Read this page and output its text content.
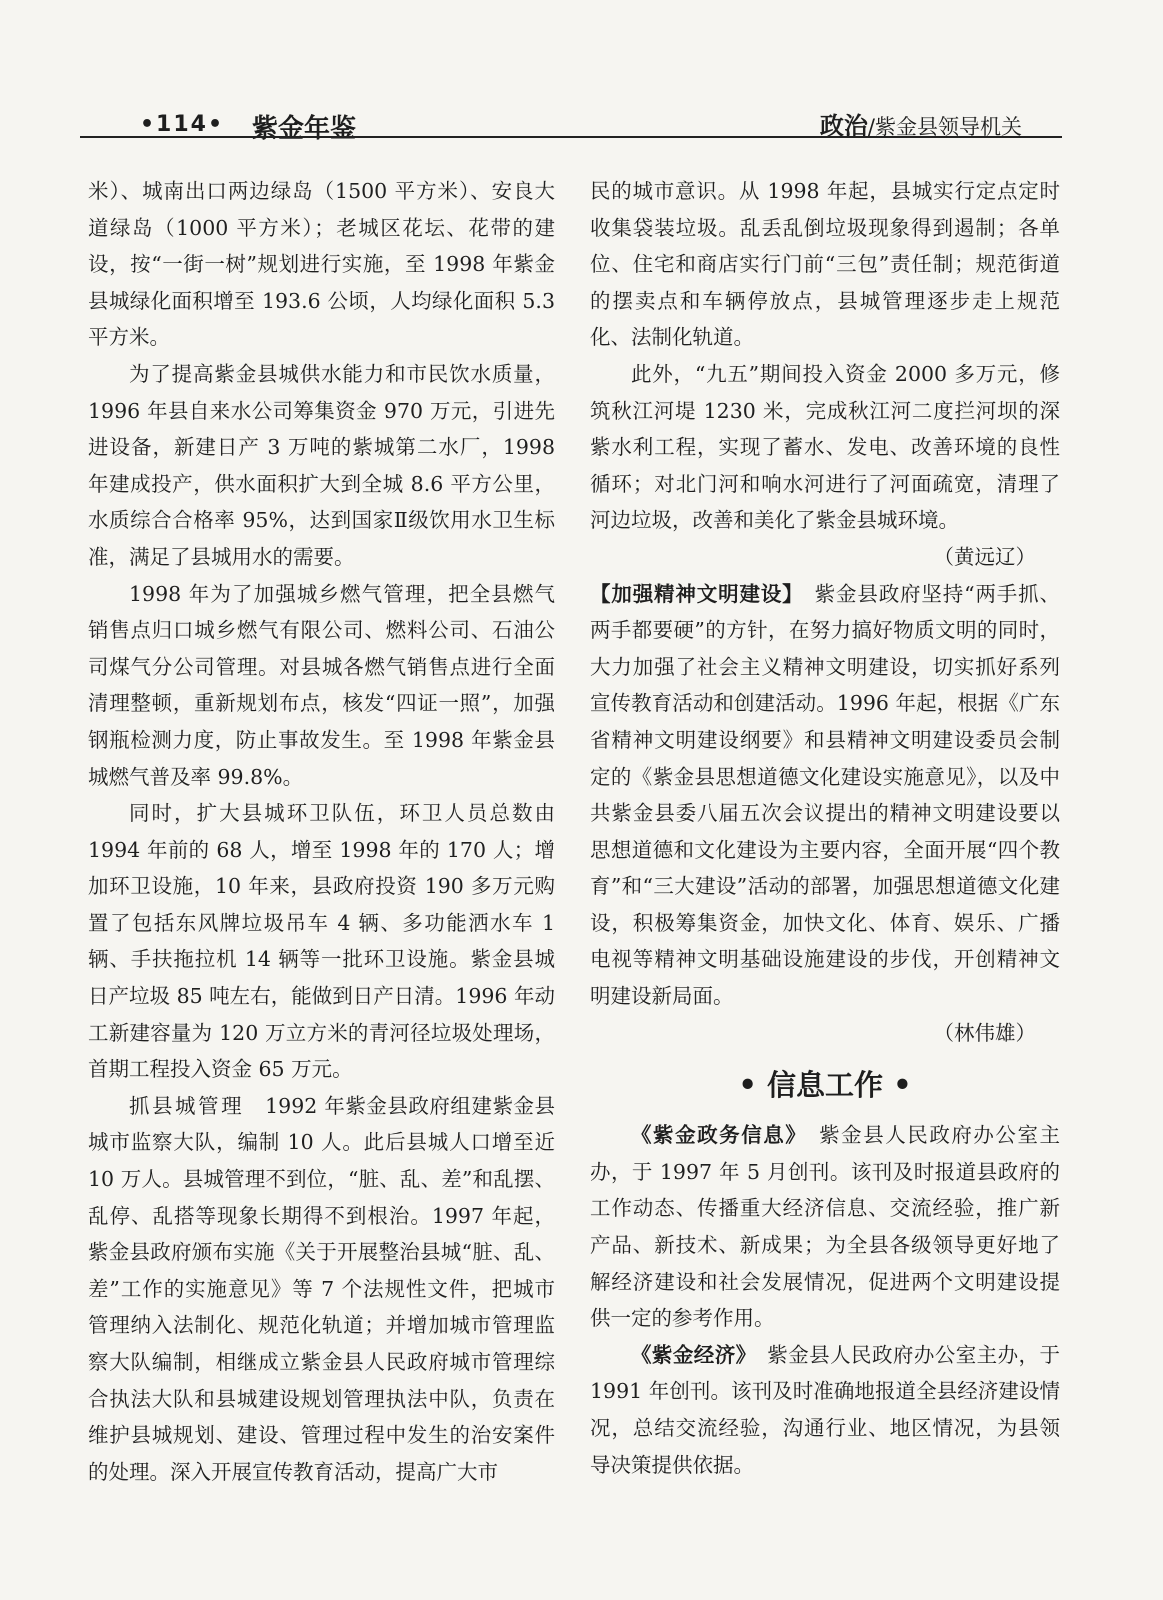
•114• 紫金年鉴	政治/紫金县领导机关

米）、城南出口两边绿岛（1500 平方米）、安良大道绿岛（1000 平方米）；老城区花坛、花带的建设，按“一街一树”规划进行实施，至 1998 年紫金县城绿化面积增至 193.6 公顷，人均绿化面积 5.3 平方米。

为了提高紫金县城供水能力和市民饮水质量，1996 年县自来水公司筹集资金 970 万元，引进先进设备，新建日产 3 万吨的紫城第二水厂，1998 年建成投产，供水面积扩大到全城 8.6 平方公里，水质综合合格率 95%，达到国家Ⅱ级饮用水卫生标准，满足了县城用水的需要。

1998 年为了加强城乡燃气管理，把全县燃气销售点归口城乡燃气有限公司、燃料公司、石油公司煤气分公司管理。对县城各燃气销售点进行全面清理整顿，重新规划布点，核发“四证一照”，加强钢瓶检测力度，防止事故发生。至 1998 年紫金县城燃气普及率 99.8%。

同时，扩大县城环卫队伍，环卫人员总数由 1994 年前的 68 人，增至 1998 年的 170 人；增加环卫设施，10 年来，县政府投资 190 多万元购置了包括东风牌垃圾吊车 4 辆、多功能洒水车 1 辆、手扶拖拉机 14 辆等一批环卫设施。紫金县城日产垃圾 85 吨左右，能做到日产日清。1996 年动工新建容量为 120 万立方米的青河径垃圾处理场，首期工程投入资金 65 万元。

抓县城管理　1992 年紫金县政府组建紫金县城市监察大队，编制 10 人。此后县城人口增至近 10 万人。县城管理不到位，“脏、乱、差”和乱摆、乱停、乱搭等现象长期得不到根治。1997 年起，紫金县政府颁布实施《关于开展整治县城“脏、乱、差”工作的实施意见》等 7 个法规性文件，把城市管理纳入法制化、规范化轨道；并增加城市管理监察大队编制，相继成立紫金县人民政府城市管理综合执法大队和县城建设规划管理执法中队，负责在维护县城规划、建设、管理过程中发生的治安案件的处理。深入开展宣传教育活动，提高广大市

民的城市意识。从 1998 年起，县城实行定点定时收集袋装垃圾。乱丢乱倒垃圾现象得到遏制；各单位、住宅和商店实行门前“三包”责任制；规范街道的摆卖点和车辆停放点，县城管理逐步走上规范化、法制化轨道。

此外，“九五”期间投入资金 2000 多万元，修筑秋江河堤 1230 米，完成秋江河二度拦河坝的深紫水利工程，实现了蓄水、发电、改善环境的良性循环；对北门河和响水河进行了河面疏宽，清理了河边垃圾，改善和美化了紫金县城环境。

（黄远辽）

【加强精神文明建设】　紫金县政府坚持“两手抓、两手都要硬”的方针，在努力搞好物质文明的同时，大力加强了社会主义精神文明建设，切实抓好系列宣传教育活动和创建活动。1996 年起，根据《广东省精神文明建设纲要》和县精神文明建设委员会制定的《紫金县思想道德文化建设实施意见》，以及中共紫金县委八届五次会议提出的精神文明建设要以思想道德和文化建设为主要内容，全面开展“四个教育”和“三大建设”活动的部署，加强思想道德文化建设，积极筹集资金，加快文化、体育、娱乐、广播电视等精神文明基础设施建设的步伐，开创精神文明建设新局面。

（林伟雄）

• 信息工作 •

《紫金政务信息》　紫金县人民政府办公室主办，于 1997 年 5 月创刊。该刊及时报道县政府的工作动态、传播重大经济信息、交流经验，推广新产品、新技术、新成果；为全县各级领导更好地了解经济建设和社会发展情况，促进两个文明建设提供一定的参考作用。

《紫金经济》　紫金县人民政府办公室主办，于 1991 年创刊。该刊及时准确地报道全县经济建设情况，总结交流经验，沟通行业、地区情况，为县领导决策提供依据。
